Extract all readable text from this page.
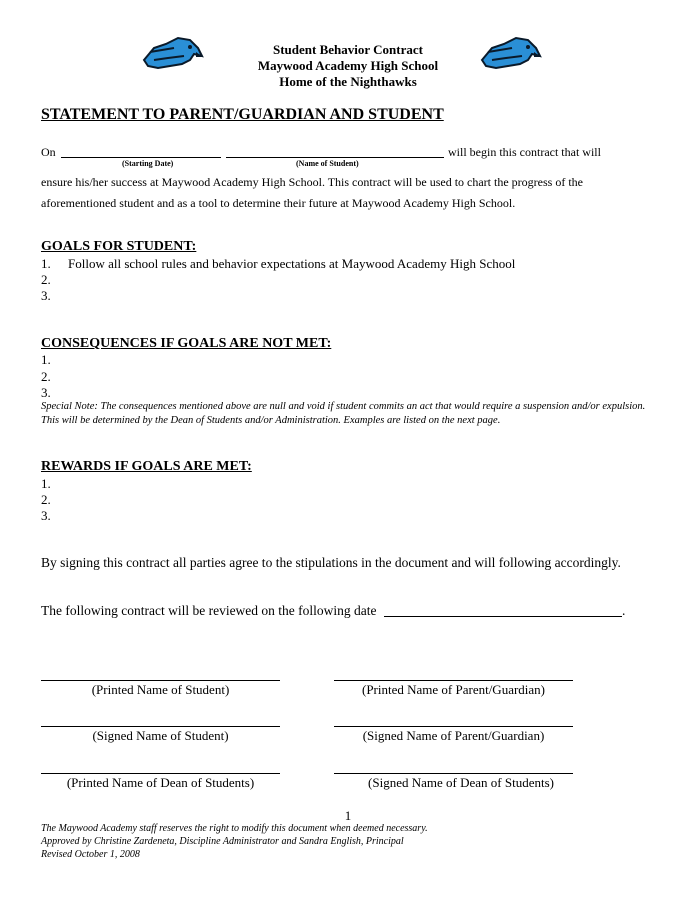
Student Behavior Contract
Maywood Academy High School
Home of the Nighthawks
STATEMENT TO PARENT/GUARDIAN AND STUDENT
On	will begin this contract that will
(Starting Date)	(Name of Student)
ensure his/her success at Maywood Academy High School. This contract will be used to chart the progress of the
aforementioned student and as a tool to determine their future at Maywood Academy High School.
GOALS FOR STUDENT:
1. Follow all school rules and behavior expectations at Maywood Academy High School
2.
3.
CONSEQUENCES IF GOALS ARE NOT MET:
1.
2.
3.
Special Note: The consequences mentioned above are null and void if student commits an act that would require a suspension and/or expulsion. This will be determined by the Dean of Students and/or Administration. Examples are listed on the next page.
REWARDS IF GOALS ARE MET:
1.
2.
3.
By signing this contract all parties agree to the stipulations in the document and will following accordingly.
The following contract will be reviewed on the following date	.
(Printed Name of Student)	(Printed Name of Parent/Guardian)
(Signed Name of Student)	(Signed Name of Parent/Guardian)
(Printed Name of Dean of Students)	(Signed Name of Dean of Students)
1
The Maywood Academy staff reserves the right to modify this document when deemed necessary.
Approved by Christine Zardeneta, Discipline Administrator and Sandra English, Principal
Revised October 1, 2008
